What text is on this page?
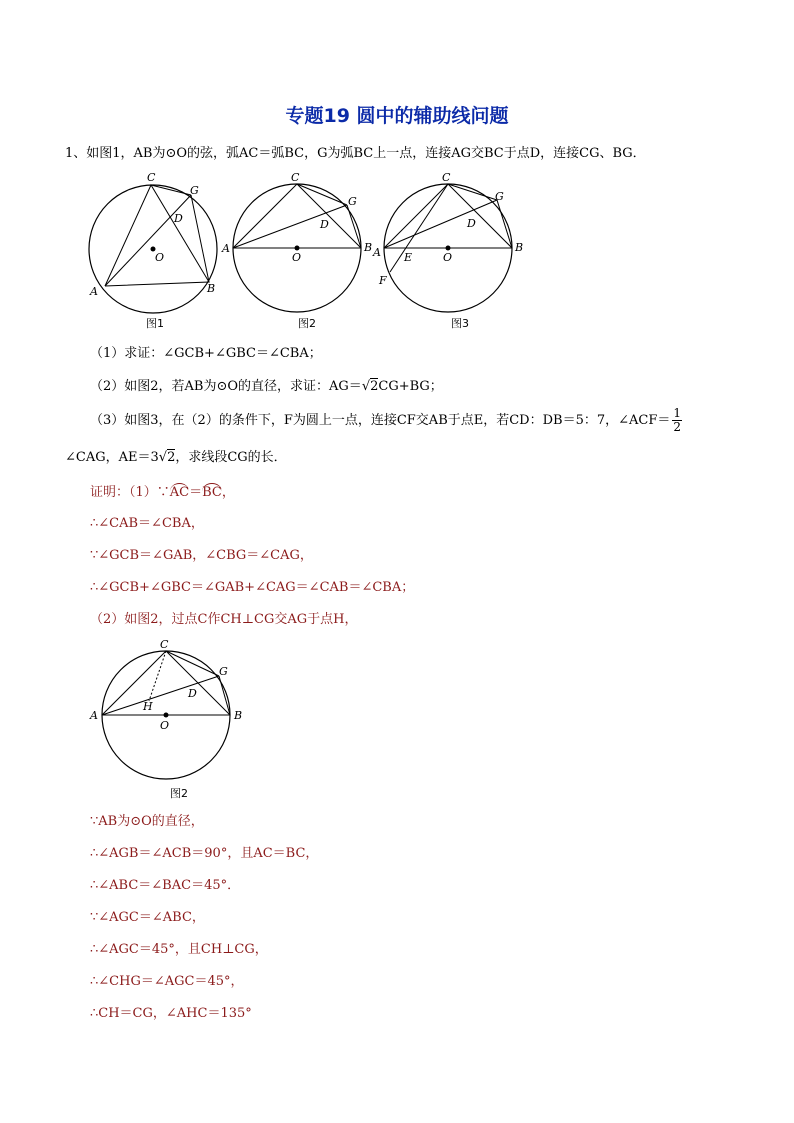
专题19 圆中的辅助线问题
1、如图1，AB为⊙O的弦，弧AC＝弧BC，G为弧BC上一点，连接AG交BC于点D，连接CG、BG．
C
G
D
O
A	B
图1
C
G
D
A	B
O
图2
C
G
D
A	B
O
E
F
图3
（1）求证：∠GCB+∠GBC＝∠CBA；
（2）如图2，若AB为⊙O的直径，求证：AG＝√2CG+BG；
（3）如图3，在（2）的条件下，F为圆上一点，连接CF交AB于点E，若CD：DB＝5：7，∠ACF＝ $\frac{1}{2}$
∠CAG，AE＝3√2，求线段CG的长．
证明：（1）∵AC＝BC，
∴∠CAB＝∠CBA，
∵∠GCB＝∠GAB，∠CBG＝∠CAG，
∴∠GCB+∠GBC＝∠GAB+∠CAG＝∠CAB＝∠CBA；
（2）如图2，过点C作CH⊥CG交AG于点H，
C
G
D
H
A	B
O
图2
∵AB为⊙O的直径，
∴∠AGB＝∠ACB＝90°，且AC＝BC，
∴∠ABC＝∠BAC＝45°．
∵∠AGC＝∠ABC，
∴∠AGC＝45°，且CH⊥CG，
∴∠CHG＝∠AGC＝45°，
∴CH＝CG，∠AHC＝135°
